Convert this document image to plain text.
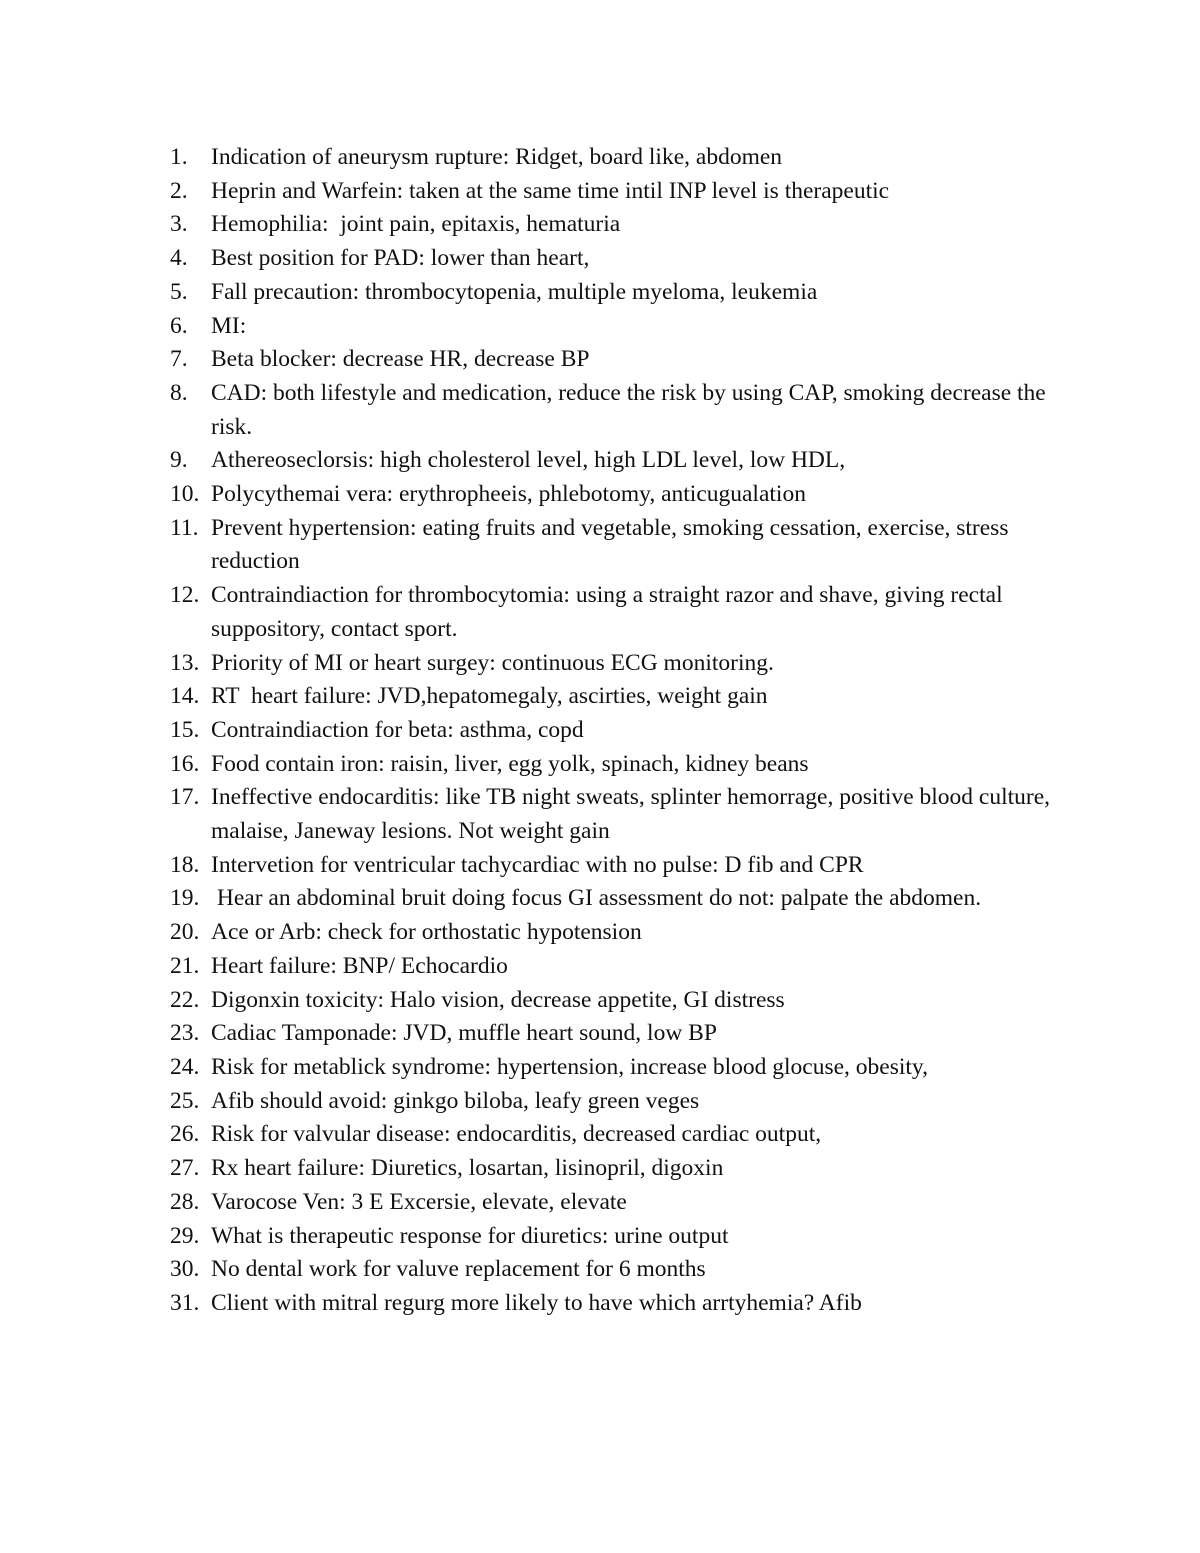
1. Indication of aneurysm rupture: Ridget, board like, abdomen
2. Heprin and Warfein: taken at the same time intil INP level is therapeutic
3. Hemophilia:  joint pain, epitaxis, hematuria
4. Best position for PAD: lower than heart,
5. Fall precaution: thrombocytopenia, multiple myeloma, leukemia
6. MI:
7. Beta blocker: decrease HR, decrease BP
8. CAD: both lifestyle and medication, reduce the risk by using CAP, smoking decrease the risk.
9. Athereoseclorsis: high cholesterol level, high LDL level, low HDL,
10. Polycythemai vera: erythropheeis, phlebotomy, anticugualation
11. Prevent hypertension: eating fruits and vegetable, smoking cessation, exercise, stress reduction
12. Contraindiaction for thrombocytomia: using a straight razor and shave, giving rectal suppository, contact sport.
13. Priority of MI or heart surgey: continuous ECG monitoring.
14. RT  heart failure: JVD,hepatomegaly, ascirties, weight gain
15. Contraindiaction for beta: asthma, copd
16. Food contain iron: raisin, liver, egg yolk, spinach, kidney beans
17. Ineffective endocarditis: like TB night sweats, splinter hemorrage, positive blood culture, malaise, Janeway lesions. Not weight gain
18. Intervetion for ventricular tachycardiac with no pulse: D fib and CPR
19. Hear an abdominal bruit doing focus GI assessment do not: palpate the abdomen.
20. Ace or Arb: check for orthostatic hypotension
21. Heart failure: BNP/ Echocardio
22. Digonxin toxicity: Halo vision, decrease appetite, GI distress
23. Cadiac Tamponade: JVD, muffle heart sound, low BP
24. Risk for metablick syndrome: hypertension, increase blood glocuse, obesity,
25. Afib should avoid: ginkgo biloba, leafy green veges
26. Risk for valvular disease: endocarditis, decreased cardiac output,
27. Rx heart failure: Diuretics, losartan, lisinopril, digoxin
28. Varocose Ven: 3 E Excersie, elevate, elevate
29. What is therapeutic response for diuretics: urine output
30. No dental work for valuve replacement for 6 months
31. Client with mitral regurg more likely to have which arrtyhemia? Afib
